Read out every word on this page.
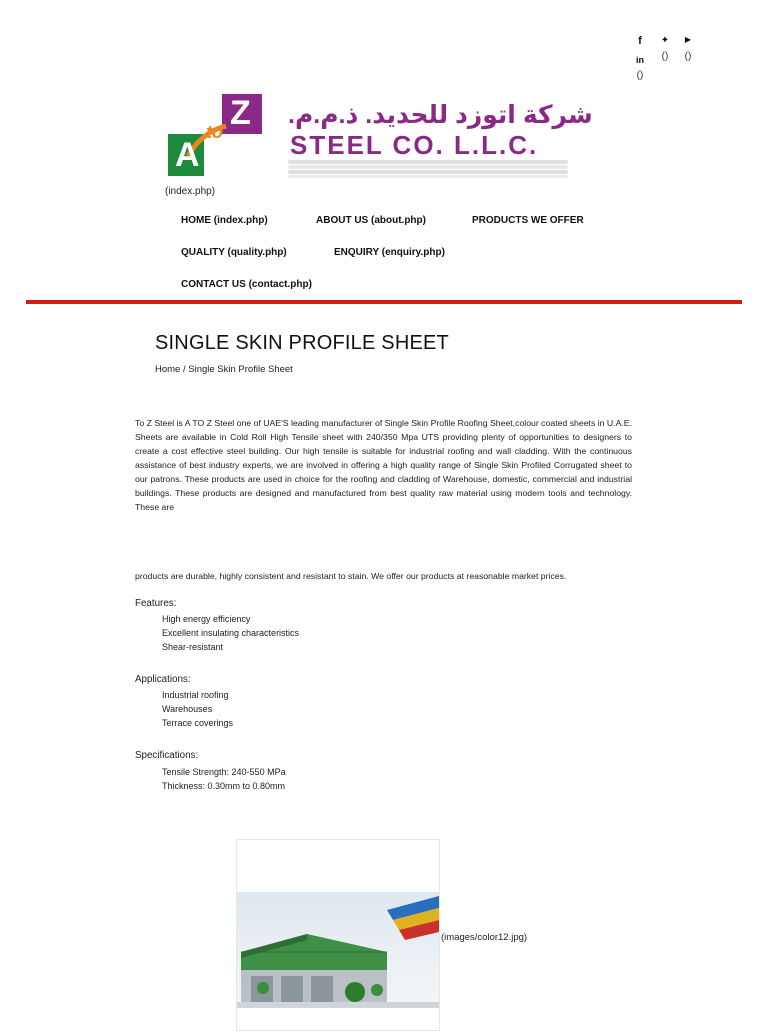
f	✦	▶
in () ()
()
A
to Z شركة اتوزد للحديد. ذ.م.م.
STEEL CO. L.L.C.
(index.php)
HOME (index.php)	ABOUT US (about.php)	PRODUCTS WE OFFER
QUALITY (quality.php)	ENQUIRY (enquiry.php)
CONTACT US (contact.php)
SINGLE SKIN PROFILE SHEET
Home / Single Skin Profile Sheet
To Z Steel is A TO Z Steel one of UAE'S leading manufacturer of Single Skin Profile Roofing Sheet,colour coated sheets in U.A.E. Sheets are available in Cold Roll High Tensile sheet with 240/350 Mpa UTS providing plenty of opportunities to designers to create a cost effective steel building. Our high tensile is suitable for industrial roofing and wall cladding. With the continuous assistance of best industry experts, we are involved in offering a high quality range of Single Skin Profiled Corrugated sheet to our patrons. These products are used in choice for the roofing and cladding of Warehouse, domestic, commercial and industrial buildings. These products are designed and manufactured from best quality raw material using modern tools and technology. These are
products are durable, highly consistent and resistant to stain. We offer our products at reasonable market prices.
Features:
High energy efficiency
Excellent insulating characteristics
Shear-resistant
Applications:
Industrial roofing
Warehouses
Terrace coverings
Specifications:
Tensile Strength: 240-550 MPa
Thickness: 0.30mm to 0.80mm
(images/color12.jpg)
